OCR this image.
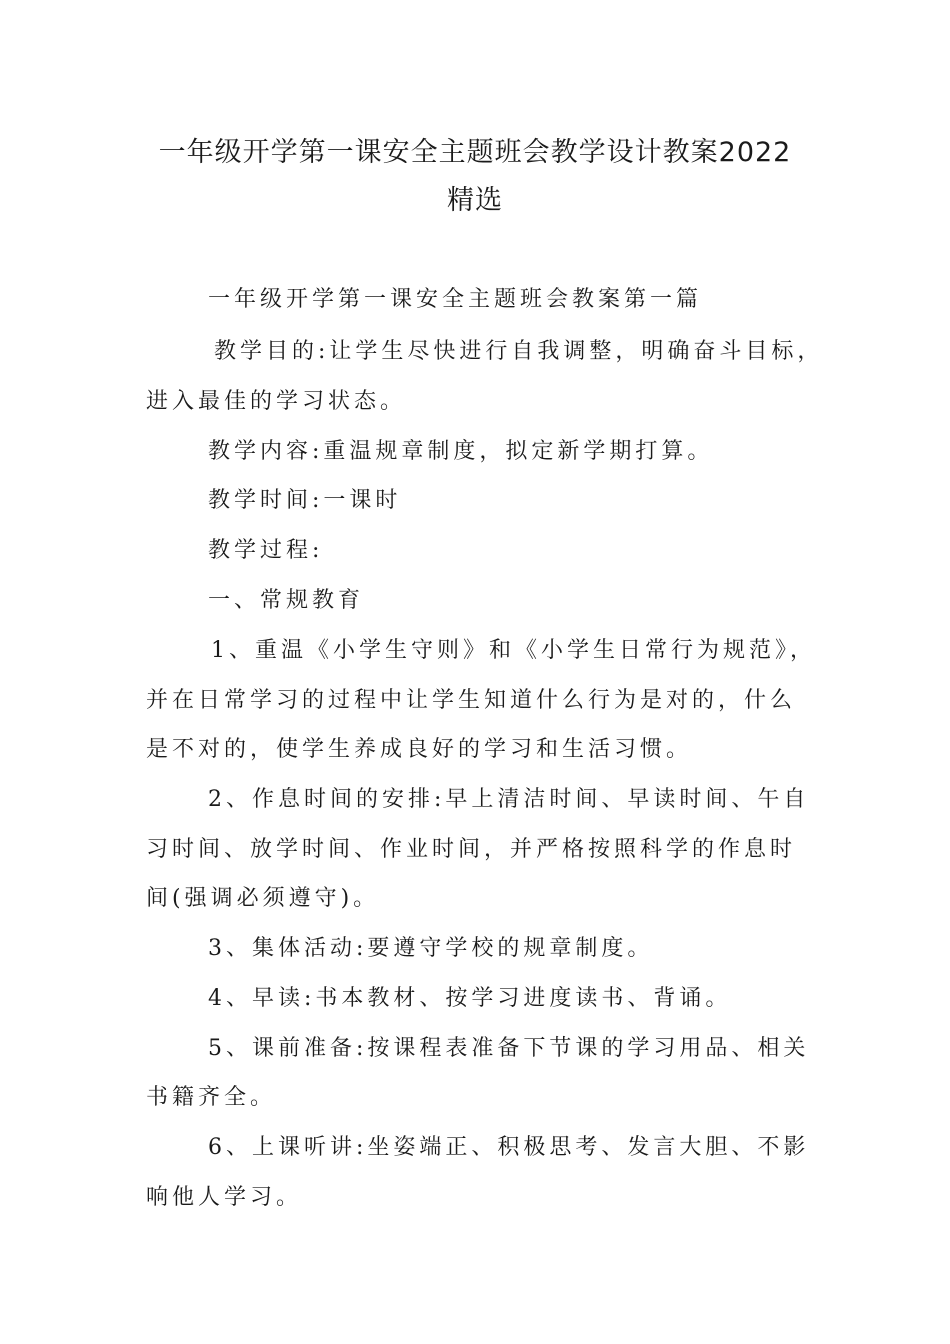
一年级开学第一课安全主题班会教学设计教案2022
精选

一年级开学第一课安全主题班会教案第一篇

教学目的:让学生尽快进行自我调整，明确奋斗目标，

进入最佳的学习状态。

教学内容:重温规章制度，拟定新学期打算。

教学时间:一课时

教学过程:

一、常规教育

1、重温《小学生守则》和《小学生日常行为规范》，

并在日常学习的过程中让学生知道什么行为是对的，什么

是不对的，使学生养成良好的学习和生活习惯。

2、作息时间的安排:早上清洁时间、早读时间、午自

习时间、放学时间、作业时间，并严格按照科学的作息时

间(强调必须遵守)。

3、集体活动:要遵守学校的规章制度。

4、早读:书本教材、按学习进度读书、背诵。

5、课前准备:按课程表准备下节课的学习用品、相关

书籍齐全。

6、上课听讲:坐姿端正、积极思考、发言大胆、不影

响他人学习。
